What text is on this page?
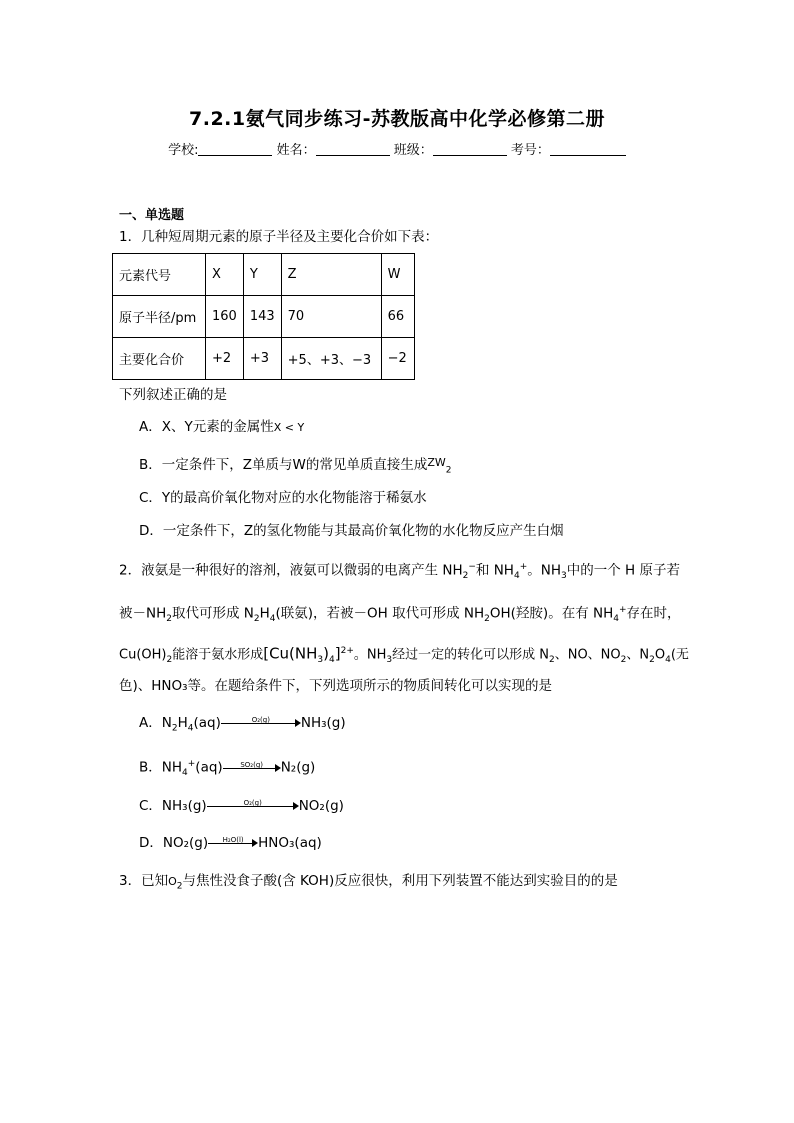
7.2.1氨气同步练习-苏教版高中化学必修第二册
学校:	姓名：	班级：	考号：
一、单选题
1．几种短周期元素的原子半径及主要化合价如下表：
元素代号	X	Y	Z	W
原子半径/pm	160	143	70	66
主要化合价	+2	+3	+5、+3、−3	−2
下列叙述正确的是
A．X、Y元素的金属性X < Y
B．一定条件下，Z单质与W的常见单质直接生成$^{ZW}_2$
C．Y的最高价氧化物对应的水化物能溶于稀氨水
D．一定条件下，Z的氢化物能与其最高价氧化物的水化物反应产生白烟
2．液氨是一种很好的溶剂，液氨可以微弱的电离产生 $NH_2^-$和 $NH_4^+$。$NH_3$中的一个 H 原子若
被$-NH_2$取代可形成 $N_2H_4$(联氨)，若被－OH 取代可形成 $NH_2OH$(羟胺)。在有 $NH_4^+$存在时，
$Cu(OH)_2$能溶于氨水形成$[Cu(NH_3)_4]^{2+}$。$NH_3$经过一定的转化可以形成 $N_2$、NO、$NO_2$、$N_2O_4$(无
色)、HNO₃等。在题给条件下，下列选项所示的物质间转化可以实现的是
A．$N_2H_4(aq)$	O₂(g)	NH₃(g)
B．$NH_4^+(aq)$	SO₂(g)	N₂(g)
C．NH₃(g)	O₂(g)	NO₂(g)
D．NO₂(g)	H₂O(l)	HNO₃(aq)
3．已知$O_2$与焦性没食子酸(含 KOH)反应很快，利用下列装置不能达到实验目的的是
